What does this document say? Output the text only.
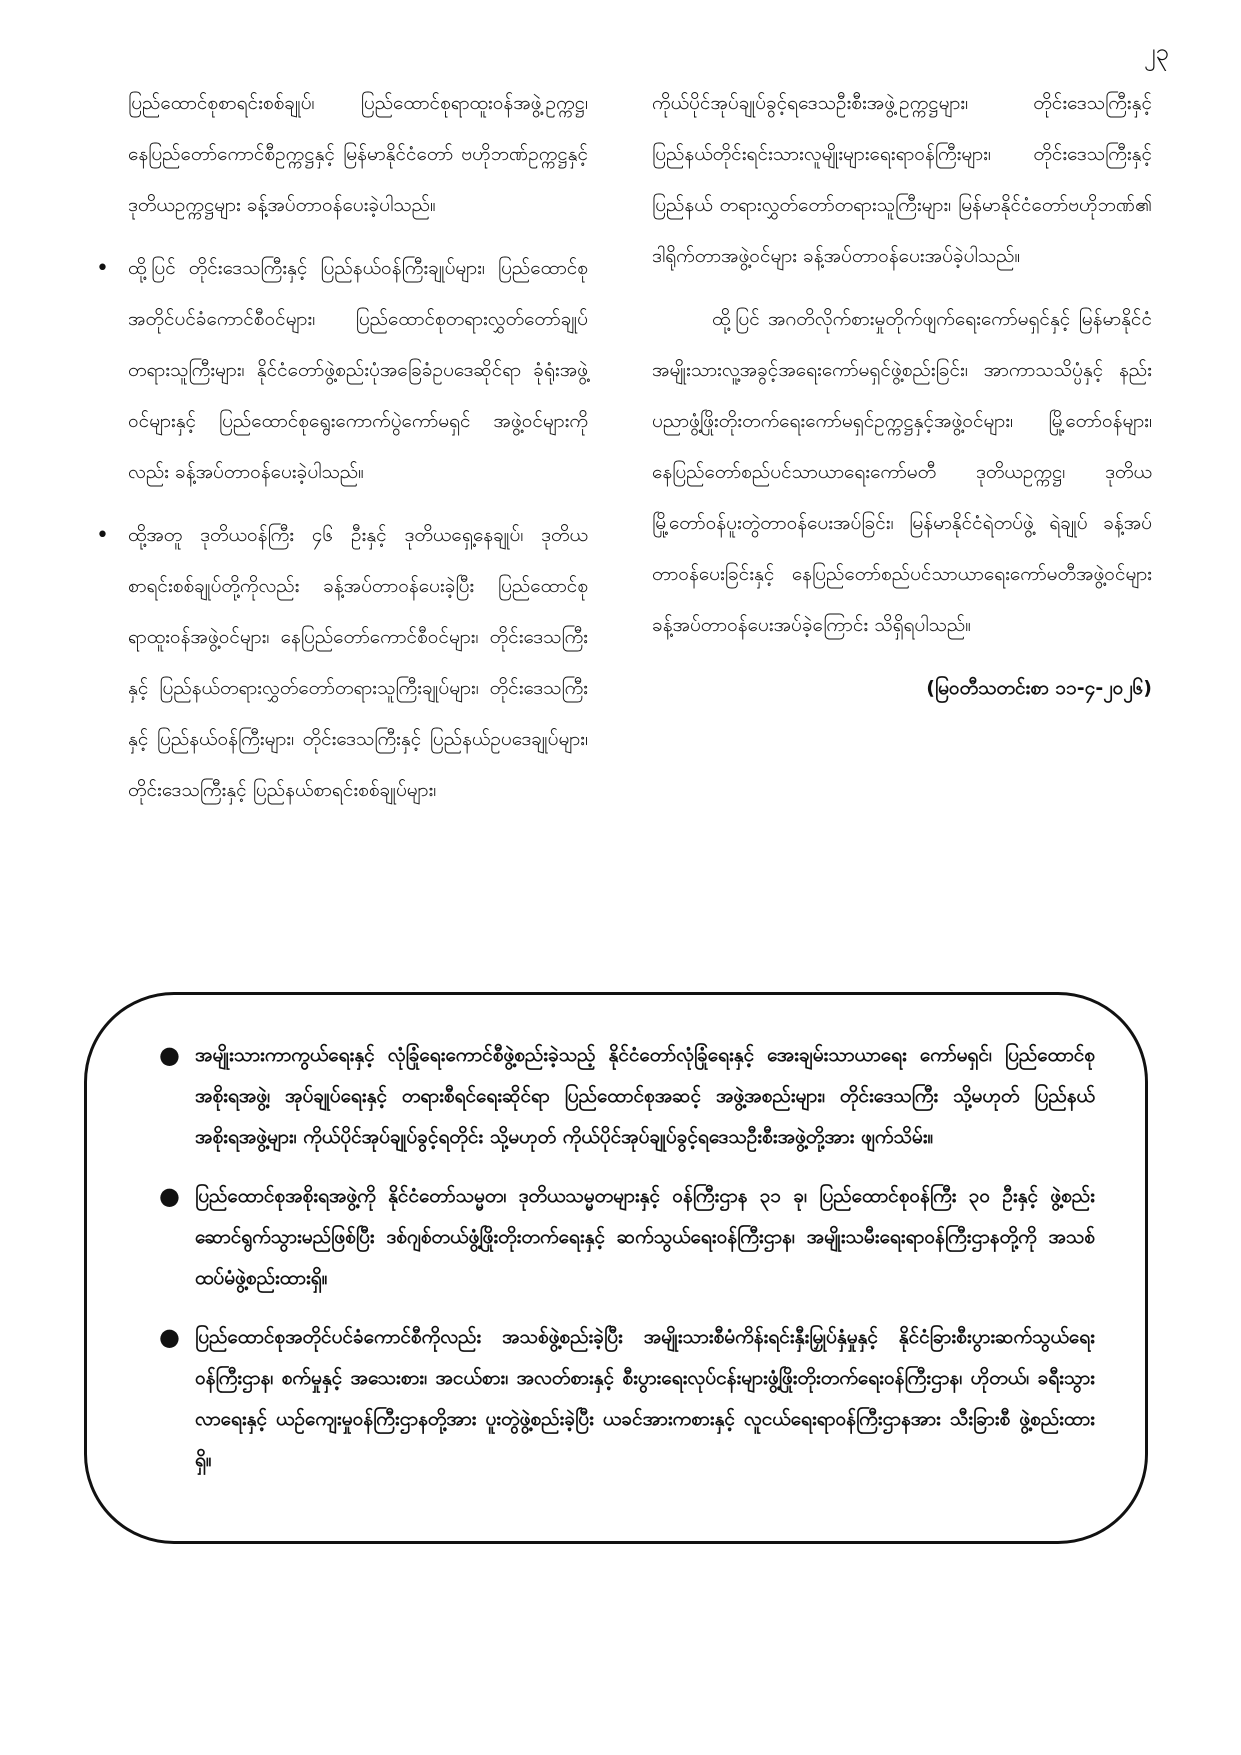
၂၃

ပြည်ထောင်စုစာရင်းစစ်ချုပ်၊ ပြည်ထောင်စုရာထူးဝန်အဖွဲ့ဥက္ကဋ္ဌ၊ နေပြည်တော်ကောင်စီဥက္ကဋ္ဌနှင့် မြန်မာနိုင်ငံတော် ဗဟိုဘဏ်ဥက္ကဋ္ဌနှင့် ဒုတိယဥက္ကဋ္ဌများ ခန့်အပ်တာဝန်ပေးခဲ့ပါသည်။

• ထို့ပြင် တိုင်းဒေသကြီးနှင့် ပြည်နယ်ဝန်ကြီးချုပ်များ၊ ပြည်ထောင်စုအတိုင်ပင်ခံကောင်စီဝင်များ၊ ပြည်ထောင်စုတရားလွှတ်တော်ချုပ် တရားသူကြီးများ၊ နိုင်ငံတော်ဖွဲ့စည်းပုံအခြေခံဥပဒေဆိုင်ရာ ခုံရုံးအဖွဲ့ဝင်များနှင့် ပြည်ထောင်စုရွေးကောက်ပွဲကော်မရှင် အဖွဲ့ဝင်များကိုလည်း ခန့်အပ်တာဝန်ပေးခဲ့ပါသည်။
• ထို့အတူ ဒုတိယဝန်ကြီး ၄၆ ဦးနှင့် ဒုတိယရှေ့နေချုပ်၊ ဒုတိယစာရင်းစစ်ချုပ်တို့ကိုလည်း ခန့်အပ်တာဝန်ပေးခဲ့ပြီး ပြည်ထောင်စုရာထူးဝန်အဖွဲ့ဝင်များ၊ နေပြည်တော်ကောင်စီဝင်များ၊ တိုင်းဒေသကြီးနှင့် ပြည်နယ်တရားလွှတ်တော်တရားသူကြီးချုပ်များ၊ တိုင်းဒေသကြီးနှင့် ပြည်နယ်ဝန်ကြီးများ၊ တိုင်းဒေသကြီးနှင့် ပြည်နယ်ဥပဒေချုပ်များ၊ တိုင်းဒေသကြီးနှင့် ပြည်နယ်စာရင်းစစ်ချုပ်များ၊

ကိုယ်ပိုင်အုပ်ချုပ်ခွင့်ရဒေသဦးစီးအဖွဲ့ဥက္ကဋ္ဌများ၊ တိုင်းဒေသကြီးနှင့် ပြည်နယ်တိုင်းရင်းသားလူမျိုးများရေးရာဝန်ကြီးများ၊ တိုင်းဒေသကြီးနှင့်ပြည်နယ် တရားလွှတ်တော်တရားသူကြီးများ၊ မြန်မာနိုင်ငံတော်ဗဟိုဘဏ်၏ ဒါရိုက်တာအဖွဲ့ဝင်များ ခန့်အပ်တာဝန်ပေးအပ်ခဲ့ပါသည်။

ထို့ပြင် အဂတိလိုက်စားမှုတိုက်ဖျက်ရေးကော်မရှင်နှင့် မြန်မာနိုင်ငံအမျိုးသားလူ့အခွင့်အရေးကော်မရှင်ဖွဲ့စည်းခြင်း၊ အာကာသသိပ္ပံနှင့် နည်းပညာဖွံ့ဖြိုးတိုးတက်ရေးကော်မရှင်ဥက္ကဋ္ဌနှင့်အဖွဲ့ဝင်များ၊ မြို့တော်ဝန်များ၊ နေပြည်တော်စည်ပင်သာယာရေးကော်မတီ ဒုတိယဥက္ကဋ္ဌ၊ ဒုတိယမြို့တော်ဝန်ပူးတွဲတာဝန်ပေးအပ်ခြင်း၊ မြန်မာနိုင်ငံရဲတပ်ဖွဲ့ ရဲချုပ် ခန့်အပ်တာဝန်ပေးခြင်းနှင့် နေပြည်တော်စည်ပင်သာယာရေးကော်မတီအဖွဲ့ဝင်များ ခန့်အပ်တာဝန်ပေးအပ်ခဲ့ကြောင်း သိရှိရပါသည်။

(မြဝတီသတင်းစာ ၁၁-၄-၂၀၂၆)

● အမျိုးသားကာကွယ်ရေးနှင့် လုံခြုံရေးကောင်စီဖွဲ့စည်းခဲ့သည့် နိုင်ငံတော်လုံခြုံရေးနှင့် အေးချမ်းသာယာရေး ကော်မရှင်၊ ပြည်ထောင်စုအစိုးရအဖွဲ့၊ အုပ်ချုပ်ရေးနှင့် တရားစီရင်ရေးဆိုင်ရာ ပြည်ထောင်စုအဆင့် အဖွဲ့အစည်းများ၊ တိုင်းဒေသကြီး သို့မဟုတ် ပြည်နယ်အစိုးရအဖွဲ့များ၊ ကိုယ်ပိုင်အုပ်ချုပ်ခွင့်ရတိုင်း သို့မဟုတ် ကိုယ်ပိုင်အုပ်ချုပ်ခွင့်ရဒေသဦးစီးအဖွဲ့တို့အား ဖျက်သိမ်း။
● ပြည်ထောင်စုအစိုးရအဖွဲ့ကို နိုင်ငံတော်သမ္မတ၊ ဒုတိယသမ္မတများနှင့် ဝန်ကြီးဌာန ၃၁ ခု၊ ပြည်ထောင်စုဝန်ကြီး ၃၀ ဦးနှင့် ဖွဲ့စည်းဆောင်ရွက်သွားမည်ဖြစ်ပြီး ဒစ်ဂျစ်တယ်ဖွံ့ဖြိုးတိုးတက်ရေးနှင့် ဆက်သွယ်ရေးဝန်ကြီးဌာန၊ အမျိုးသမီးရေးရာဝန်ကြီးဌာနတို့ကို အသစ်ထပ်မံဖွဲ့စည်းထားရှိ။
● ပြည်ထောင်စုအတိုင်ပင်ခံကောင်စီကိုလည်း အသစ်ဖွဲ့စည်းခဲ့ပြီး အမျိုးသားစီမံကိန်းရင်းနှီးမြှုပ်နှံမှုနှင့် နိုင်ငံခြားစီးပွားဆက်သွယ်ရေးဝန်ကြီးဌာန၊ စက်မှုနှင့် အသေးစား၊ အငယ်စား၊ အလတ်စားနှင့် စီးပွားရေးလုပ်ငန်းများဖွံ့ဖြိုးတိုးတက်ရေးဝန်ကြီးဌာန၊ ဟိုတယ်၊ ခရီးသွားလာရေးနှင့် ယဉ်ကျေးမှုဝန်ကြီးဌာနတို့အား ပူးတွဲဖွဲ့စည်းခဲ့ပြီး ယခင်အားကစားနှင့် လူငယ်ရေးရာဝန်ကြီးဌာနအား သီးခြားစီ ဖွဲ့စည်းထားရှိ။
